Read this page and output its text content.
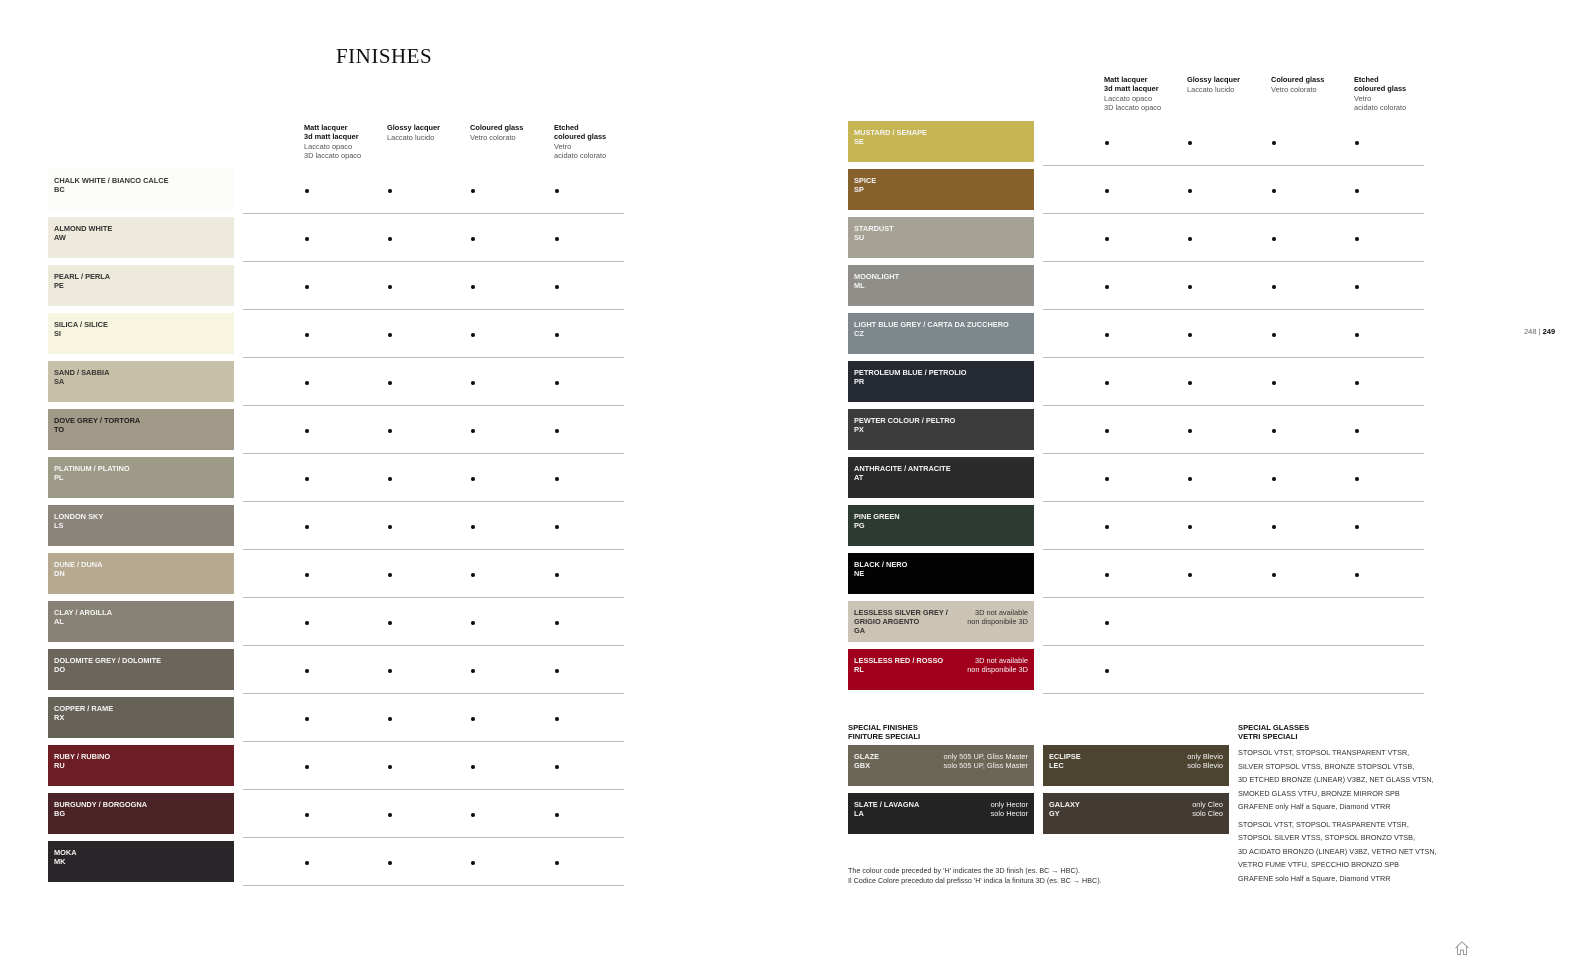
FINISHES
Matt lacquer
3d matt lacquer
Laccato opaco
3D laccato opaco
Glossy lacquer
Laccato lucido
Coloured glass
Vetro colorato
Etched
coloured glass
Vetro
acidato colorato
Matt lacquer
3d matt lacquer
Laccato opaco
3D laccato opaco
Glossy lacquer
Laccato lucido
Coloured glass
Vetro colorato
Etched
coloured glass
Vetro
acidato colorato
CHALK WHITE / BIANCO CALCE
BC
ALMOND WHITE
AW
PEARL / PERLA
PE
SILICA / SILICE
SI
SAND / SABBIA
SA
DOVE GREY / TORTORA
TO
PLATINUM / PLATINO
PL
LONDON SKY
LS
DUNE / DUNA
DN
CLAY / ARGILLA
AL
DOLOMITE GREY / DOLOMITE
DO
COPPER / RAME
RX
RUBY / RUBINO
RU
BURGUNDY / BORGOGNA
BG
MOKA
MK
MUSTARD / SENAPE
SE
SPICE
SP
STARDUST
SU
MOONLIGHT
ML
LIGHT BLUE GREY / CARTA DA ZUCCHERO
CZ
PETROLEUM BLUE / PETROLIO
PR
PEWTER COLOUR / PELTRO
PX
ANTHRACITE / ANTRACITE
AT
PINE GREEN
PG
BLACK / NERO
NE
LESSLESS SILVER GREY /
GRIGIO ARGENTO
GA
3D not available
non disponibile 3D
LESSLESS RED / ROSSO
RL
3D not available
non disponibile 3D
248 | 249
SPECIAL FINISHES
FINITURE SPECIALI
GLAZE
GBX
only 505 UP, Gliss Master
solo 505 UP, Gliss Master
ECLIPSE
LEC
only Blevio
solo Blevio
SLATE / LAVAGNA
LA
only Hector
solo Hector
GALAXY
GY
only Cleo
solo Cleo
SPECIAL GLASSES
VETRI SPECIALI

STOPSOL VTST, STOPSOL TRANSPARENT VTSR,

SILVER STOPSOL VTSS, BRONZE STOPSOL VTSB,

3D ETCHED BRONZE (LINEAR) V3BZ, NET GLASS VTSN,

SMOKED GLASS VTFU, BRONZE MIRROR SPB

GRAFENE only Half a Square, Diamond VTRR

STOPSOL VTST, STOPSOL TRASPARENTE VTSR,

STOPSOL SILVER VTSS, STOPSOL BRONZO VTSB,

3D ACIDATO BRONZO (LINEAR) V3BZ, VETRO NET VTSN,

VETRO FUME VTFU, SPECCHIO BRONZO SPB

GRAFENE solo Half a Square, Diamond VTRR

The colour code preceded by 'H' indicates the 3D finish (es. BC → HBC).

Il Codice Colore preceduto dal prefisso 'H' indica la finitura 3D (es. BC → HBC).
